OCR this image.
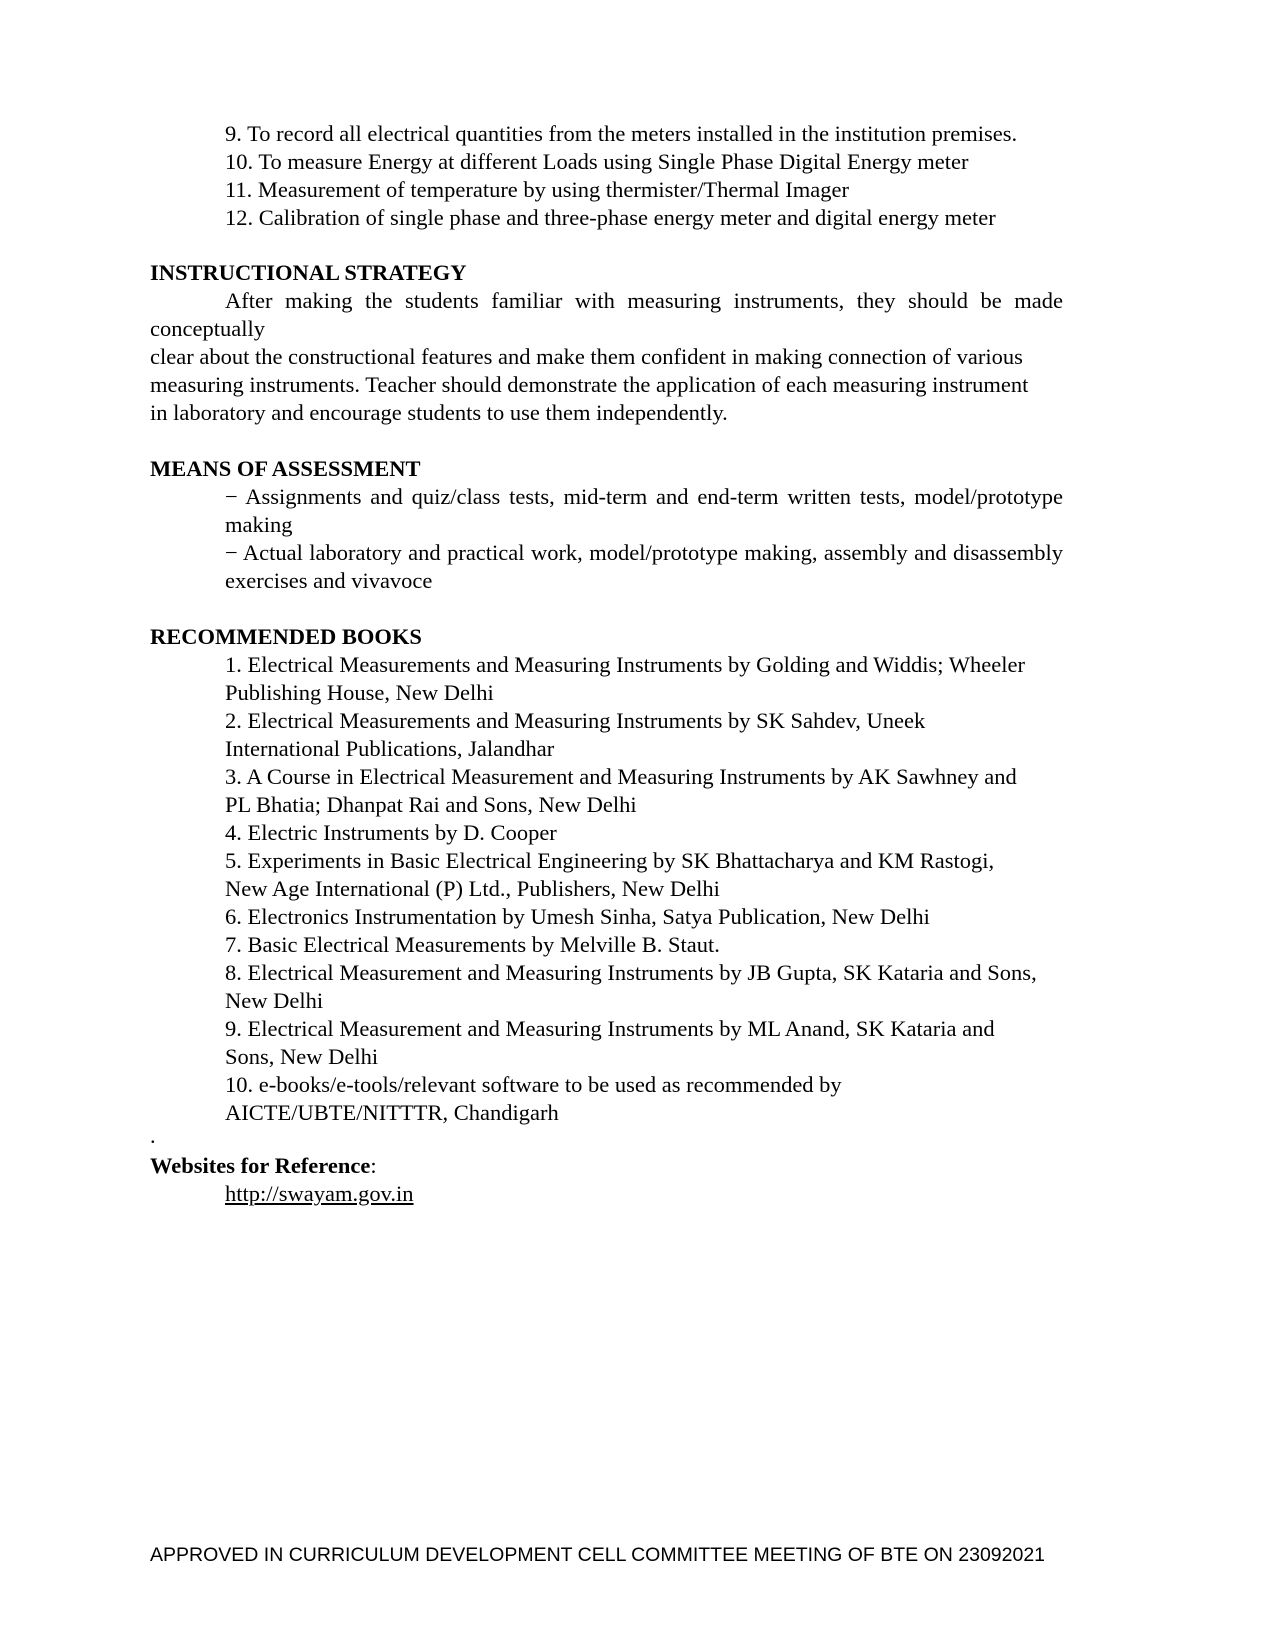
9. To record all electrical quantities from the meters installed in the institution premises.
10. To measure Energy at different Loads using Single Phase Digital Energy meter
11. Measurement of temperature by using thermister/Thermal Imager
12. Calibration of single phase and three-phase energy meter and digital energy meter
INSTRUCTIONAL STRATEGY
After making the students familiar with measuring instruments, they should be made
conceptually
clear about the constructional features and make them confident in making connection of various
measuring instruments. Teacher should demonstrate the application of each measuring instrument
in laboratory and encourage students to use them independently.
MEANS OF ASSESSMENT
− Assignments and quiz/class tests, mid-term and end-term written tests, model/prototype
making
− Actual laboratory and practical work, model/prototype making, assembly and disassembly
exercises and vivavoce
RECOMMENDED BOOKS
1. Electrical Measurements and Measuring Instruments by Golding and Widdis; Wheeler
Publishing House, New Delhi
2. Electrical Measurements and Measuring Instruments by SK Sahdev, Uneek
International Publications, Jalandhar
3. A Course in Electrical Measurement and Measuring Instruments by AK Sawhney and
PL Bhatia; Dhanpat Rai and Sons, New Delhi
4. Electric Instruments by D. Cooper
5. Experiments in Basic Electrical Engineering by SK Bhattacharya and KM Rastogi,
New Age International (P) Ltd., Publishers, New Delhi
6. Electronics Instrumentation by Umesh Sinha, Satya Publication, New Delhi
7. Basic Electrical Measurements by Melville B. Staut.
8. Electrical Measurement and Measuring Instruments by JB Gupta, SK Kataria and Sons,
New Delhi
9. Electrical Measurement and Measuring Instruments by ML Anand, SK Kataria and
Sons, New Delhi
10. e-books/e-tools/relevant software to be used as recommended by
AICTE/UBTE/NITTTR, Chandigarh
.
Websites for Reference:
http://swayam.gov.in
APPROVED IN CURRICULUM DEVELOPMENT CELL COMMITTEE MEETING OF BTE ON 23092021
